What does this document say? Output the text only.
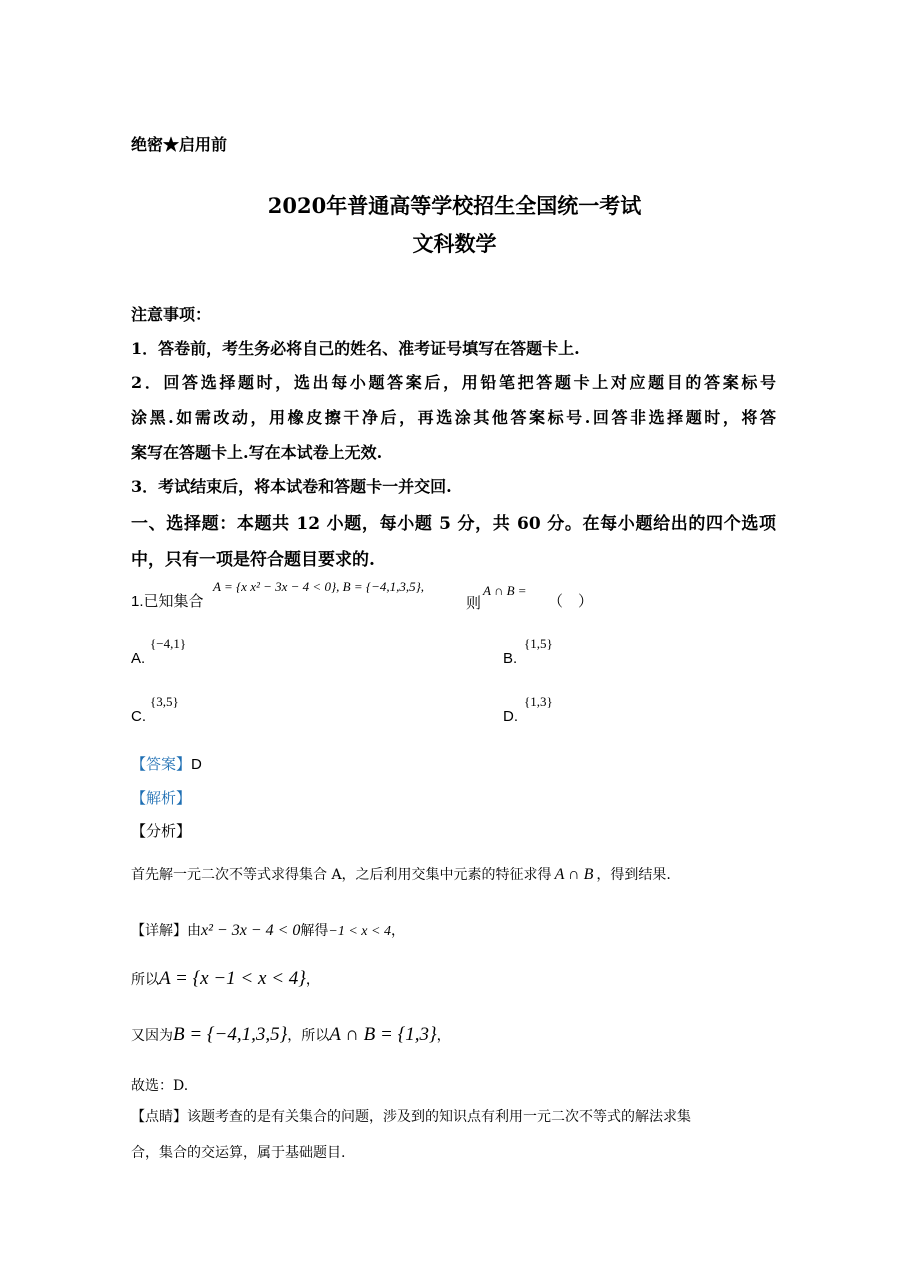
绝密★启用前
2020年普通高等学校招生全国统一考试
文科数学
注意事项：
1．答卷前，考生务必将自己的姓名、准考证号填写在答题卡上.
2．回答选择题时，选出每小题答案后，用铅笔把答题卡上对应题目的答案标号
涂黑.如需改动，用橡皮擦干净后，再选涂其他答案标号.回答非选择题时，将答
案写在答题卡上.写在本试卷上无效.
3．考试结束后，将本试卷和答题卡一并交回.
一、选择题：本题共 12 小题，每小题 5 分，共 60 分。在每小题给出的四个选项
中，只有一项是符合题目要求的.
1.已知集合
A = {x x² − 3x − 4 < 0}, B = {−4,1,3,5},
则
A ∩ B =
（　）
A.
{−4,1}
B.
{1,5}
C.
{3,5}
D.
{1,3}
【答案】D
【解析】
【分析】
首先解一元二次不等式求得集合 A，之后利用交集中元素的特征求得 A ∩ B ，得到结果.
【详解】由x² − 3x − 4 < 0解得−1 < x < 4，
所以A = {x −1 < x < 4}，
又因为B = {−4,1,3,5}，所以A ∩ B = {1,3}，
故选：D.
【点睛】该题考查的是有关集合的问题，涉及到的知识点有利用一元二次不等式的解法求集
合，集合的交运算，属于基础题目.
